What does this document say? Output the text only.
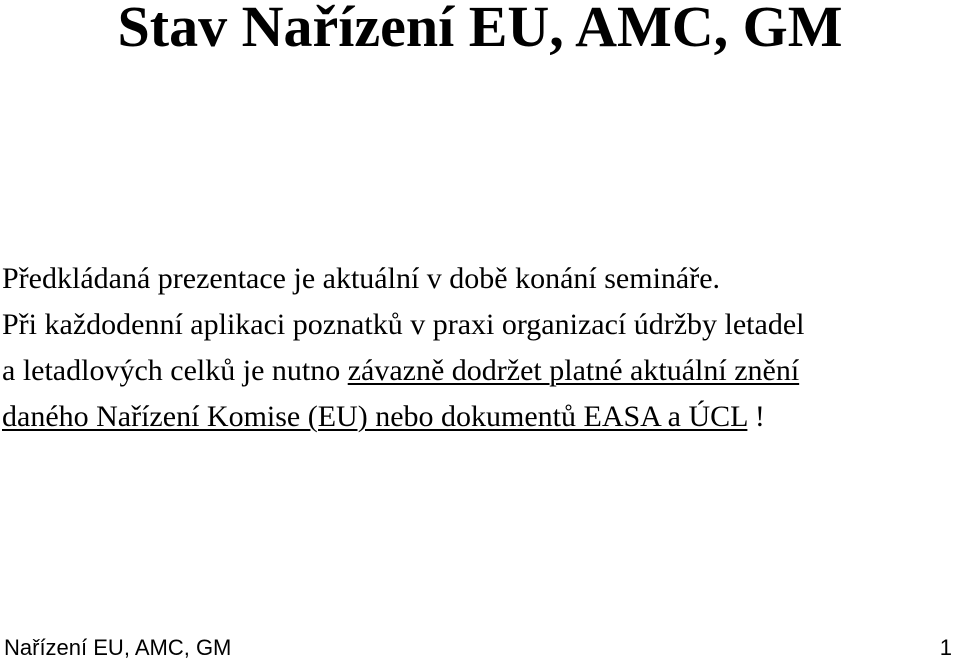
Stav Nařízení EU, AMC, GM
Předkládaná prezentace je aktuální v době konání semináře.
Při každodenní aplikaci poznatků v praxi organizací údržby letadel
a letadlových celků je nutno závazně dodržet platné aktuální znění
daného Nařízení Komise (EU) nebo dokumentů EASA a ÚCL !
Nařízení EU, AMC, GM	1
